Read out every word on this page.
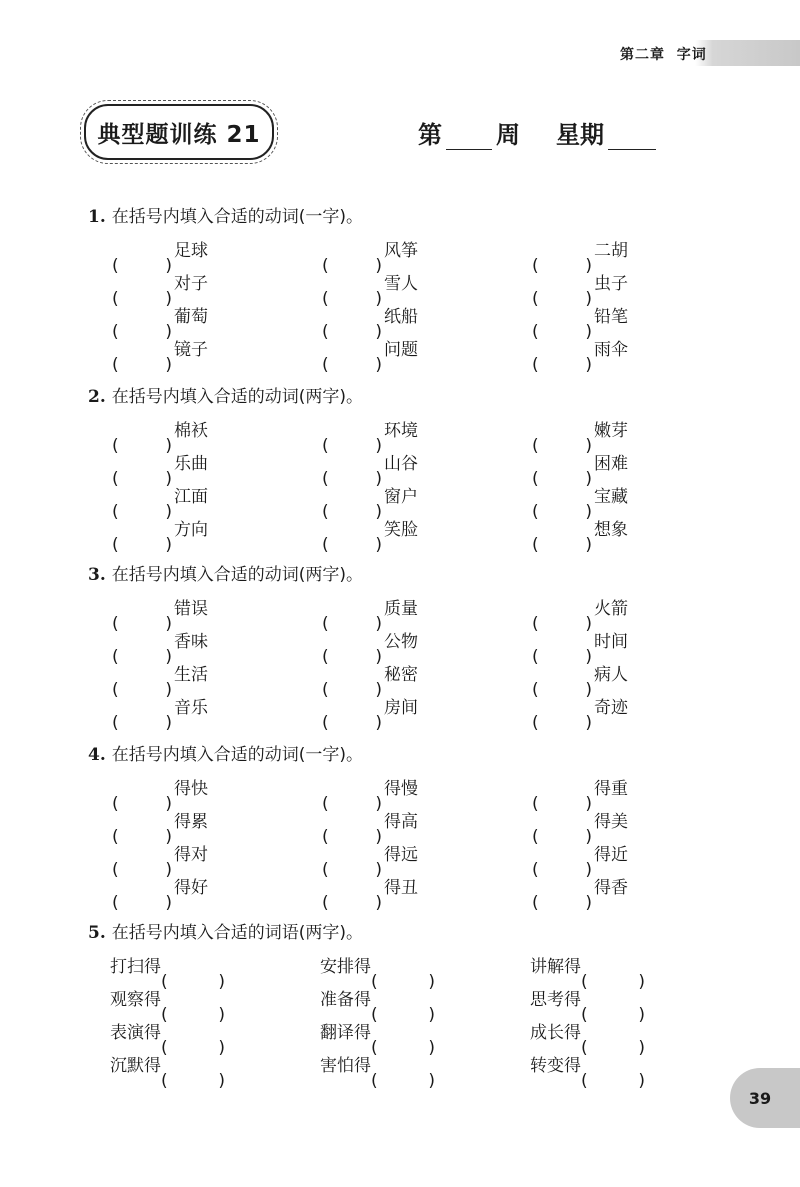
第二章  字词
典型题训练 21	第 周 星期
1. 在括号内填入合适的动词(一字)。
足球	风筝	二胡
对子	雪人	虫子
葡萄	纸船	铅笔
镜子	问题	雨伞
2. 在括号内填入合适的动词(两字)。
棉袄	环境	嫩芽
乐曲	山谷	困难
江面	窗户	宝藏
方向	笑脸	想象
3. 在括号内填入合适的动词(两字)。
错误	质量	火箭
香味	公物	时间
生活	秘密	病人
音乐	房间	奇迹
4. 在括号内填入合适的动词(一字)。
得快	得慢	得重
得累	得高	得美
得对	得远	得近
得好	得丑	得香
5. 在括号内填入合适的词语(两字)。
打扫得	安排得	讲解得
观察得	准备得	思考得
表演得	翻译得	成长得
沉默得	害怕得	转变得
39
